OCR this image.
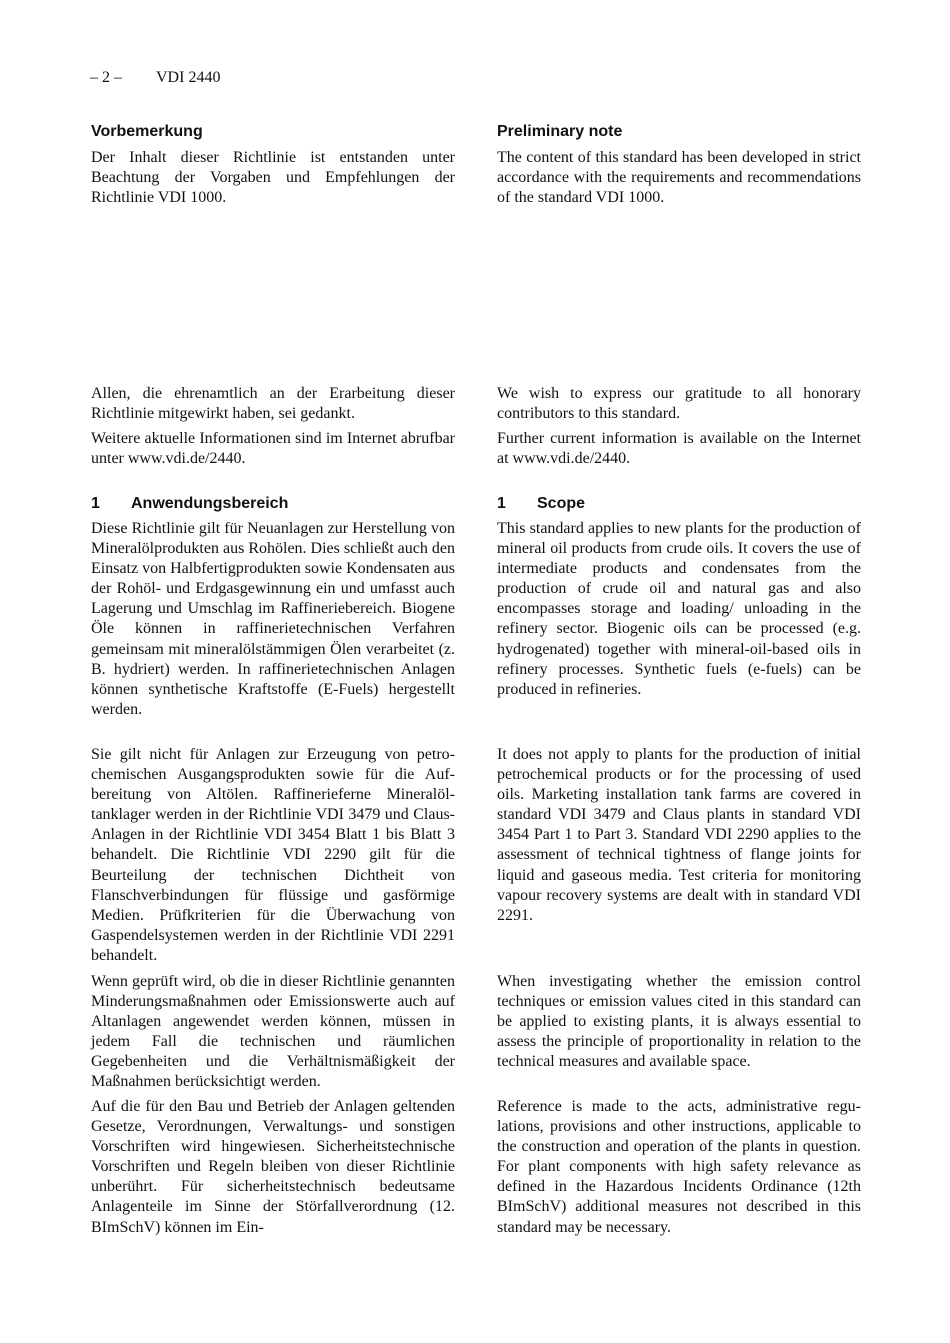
– 2 – VDI 2440
Vorbemerkung

Der Inhalt dieser Richtlinie ist entstanden unter Beachtung der Vorgaben und Empfehlungen der Richtlinie VDI 1000.

Allen, die ehrenamtlich an der Erarbeitung dieser Richtlinie mitgewirkt haben, sei gedankt.

Weitere aktuelle Informationen sind im Internet abrufbar unter www.vdi.de/2440.

1 Anwendungsbereich

Diese Richtlinie gilt für Neuanlagen zur Herstellung von Mineralölprodukten aus Rohölen. Dies schließt auch den Einsatz von Halbfertigprodukten sowie Kondensaten aus der Rohöl- und Erdgasgewinnung ein und umfasst auch Lagerung und Umschlag im Raffineriebereich. Biogene Öle können in raffinerietechnischen Verfahren gemeinsam mit mineralölstämmigen Ölen verarbeitet (z. B. hydriert) werden. In raffinerietechnischen Anlagen können synthetische Kraftstoffe (E-Fuels) hergestellt werden.

Sie gilt nicht für Anlagen zur Erzeugung von petrochemischen Ausgangsprodukten sowie für die Aufbereitung von Altölen. Raffinerieferne Mineralöltanklager werden in der Richtlinie VDI 3479 und Claus-Anlagen in der Richtlinie VDI 3454 Blatt 1 bis Blatt 3 behandelt. Die Richtlinie VDI 2290 gilt für die Beurteilung der technischen Dichtheit von Flanschverbindungen für flüssige und gasförmige Medien. Prüfkriterien für die Überwachung von Gaspendelsystemen werden in der Richtlinie VDI 2291 behandelt.

Wenn geprüft wird, ob die in dieser Richtlinie genannten Minderungsmaßnahmen oder Emissionswerte auch auf Altanlagen angewendet werden können, müssen in jedem Fall die technischen und räumlichen Gegebenheiten und die Verhältnismäßigkeit der Maßnahmen berücksichtigt werden.

Auf die für den Bau und Betrieb der Anlagen geltenden Gesetze, Verordnungen, Verwaltungs- und sonstigen Vorschriften wird hingewiesen. Sicherheitstechnische Vorschriften und Regeln bleiben von dieser Richtlinie unberührt. Für sicherheitstechnisch bedeutsame Anlagenteile im Sinne der Störfallverordnung (12. BImSchV) können im Ein-

Preliminary note

The content of this standard has been developed in strict accordance with the requirements and recommendations of the standard VDI 1000.

We wish to express our gratitude to all honorary contributors to this standard.

Further current information is available on the Internet at www.vdi.de/2440.

1 Scope

This standard applies to new plants for the production of mineral oil products from crude oils. It covers the use of intermediate products and condensates from the production of crude oil and natural gas and also encompasses storage and loading/ unloading in the refinery sector. Biogenic oils can be processed (e.g. hydrogenated) together with mineral-oil-based oils in refinery processes. Synthetic fuels (e-fuels) can be produced in refineries.

It does not apply to plants for the production of initial petrochemical products or for the processing of used oils. Marketing installation tank farms are covered in standard VDI 3479 and Claus plants in standard VDI 3454 Part 1 to Part 3. Standard VDI 2290 applies to the assessment of technical tightness of flange joints for liquid and gaseous media. Test criteria for monitoring vapour recovery systems are dealt with in standard VDI 2291.

When investigating whether the emission control techniques or emission values cited in this standard can be applied to existing plants, it is always essential to assess the principle of proportionality in relation to the technical measures and available space.

Reference is made to the acts, administrative regulations, provisions and other instructions, applicable to the construction and operation of the plants in question. For plant components with high safety relevance as defined in the Hazardous Incidents Ordinance (12th BImSchV) additional measures not described in this standard may be necessary.
